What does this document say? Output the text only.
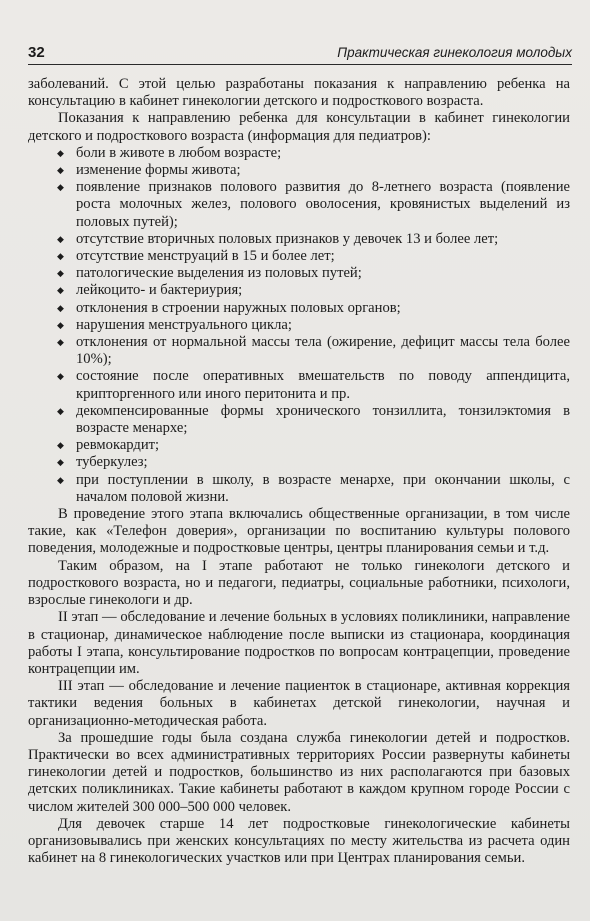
32	Практическая гинекология молодых

заболеваний. С этой целью разработаны показания к направлению ребенка на консультацию в кабинет гинекологии детского и подросткового возраста.

Показания к направлению ребенка для консультации в кабинет гинекологии детского и подросткового возраста (информация для педиатров):

◆ боли в животе в любом возрасте;
◆ изменение формы живота;
◆ появление признаков полового развития до 8-летнего возраста (появление роста молочных желез, полового оволосения, кровянистых выделений из половых путей);
◆ отсутствие вторичных половых признаков у девочек 13 и более лет;
◆ отсутствие менструаций в 15 и более лет;
◆ патологические выделения из половых путей;
◆ лейкоцито- и бактериурия;
◆ отклонения в строении наружных половых органов;
◆ нарушения менструального цикла;
◆ отклонения от нормальной массы тела (ожирение, дефицит массы тела более 10%);
◆ состояние после оперативных вмешательств по поводу аппендицита, крипторгенного или иного перитонита и пр.
◆ декомпенсированные формы хронического тонзиллита, тонзилэктомия в возрасте менархе;
◆ ревмокардит;
◆ туберкулез;
◆ при поступлении в школу, в возрасте менархе, при окончании школы, с началом половой жизни.

В проведение этого этапа включались общественные организации, в том числе такие, как «Телефон доверия», организации по воспитанию культуры полового поведения, молодежные и подростковые центры, центры планирования семьи и т.д.

Таким образом, на I этапе работают не только гинекологи детского и подросткового возраста, но и педагоги, педиатры, социальные работники, психологи, взрослые гинекологи и др.

II этап — обследование и лечение больных в условиях поликлиники, направление в стационар, динамическое наблюдение после выписки из стационара, координация работы I этапа, консультирование подростков по вопросам контрацепции, проведение контрацепции им.

III этап — обследование и лечение пациенток в стационаре, активная коррекция тактики ведения больных в кабинетах детской гинекологии, научная и организационно-методическая работа.

За прошедшие годы была создана служба гинекологии детей и подростков. Практически во всех административных территориях России развернуты кабинеты гинекологии детей и подростков, большинство из них располагаются при базовых детских поликлиниках. Такие кабинеты работают в каждом крупном городе России с числом жителей 300 000–500 000 человек.

Для девочек старше 14 лет подростковые гинекологические кабинеты организовывались при женских консультациях по месту жительства из расчета один кабинет на 8 гинекологических участков или при Центрах планирования семьи.
